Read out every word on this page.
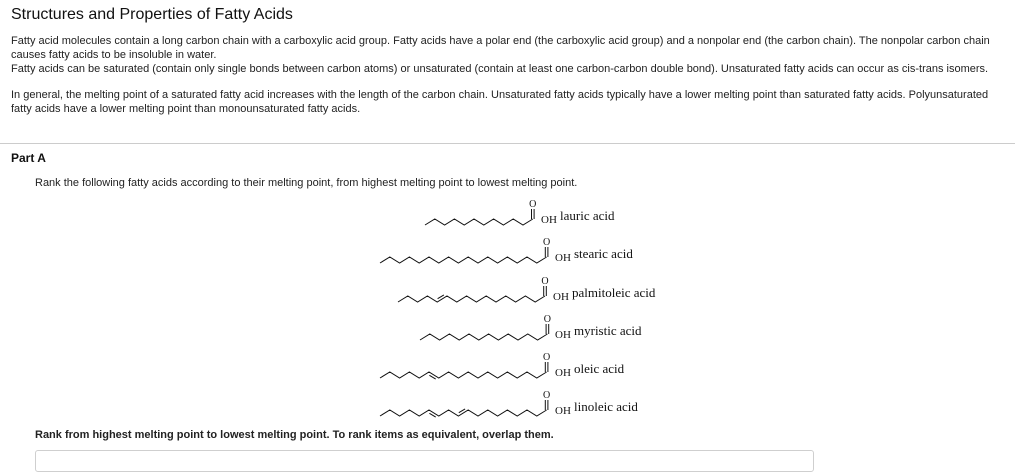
Structures and Properties of Fatty Acids

Fatty acid molecules contain a long carbon chain with a carboxylic acid group. Fatty acids have a polar end (the carboxylic acid group) and a nonpolar end (the carbon chain). The nonpolar carbon chain causes fatty acids to be insoluble in water.

Fatty acids can be saturated (contain only single bonds between carbon atoms) or unsaturated (contain at least one carbon-carbon double bond). Unsaturated fatty acids can occur as cis-trans isomers.

In general, the melting point of a saturated fatty acid increases with the length of the carbon chain. Unsaturated fatty acids typically have a lower melting point than saturated fatty acids. Polyunsaturated fatty acids have a lower melting point than monounsaturated fatty acids.

Part A
Rank the following fatty acids according to their melting point, from highest melting point to lowest melting point.
O
OH lauric acid
O
OH stearic acid
O
OH palmitoleic acid
O
OH myristic acid
O
OH oleic acid
O
OH linoleic acid
Rank from highest melting point to lowest melting point. To rank items as equivalent, overlap them.
